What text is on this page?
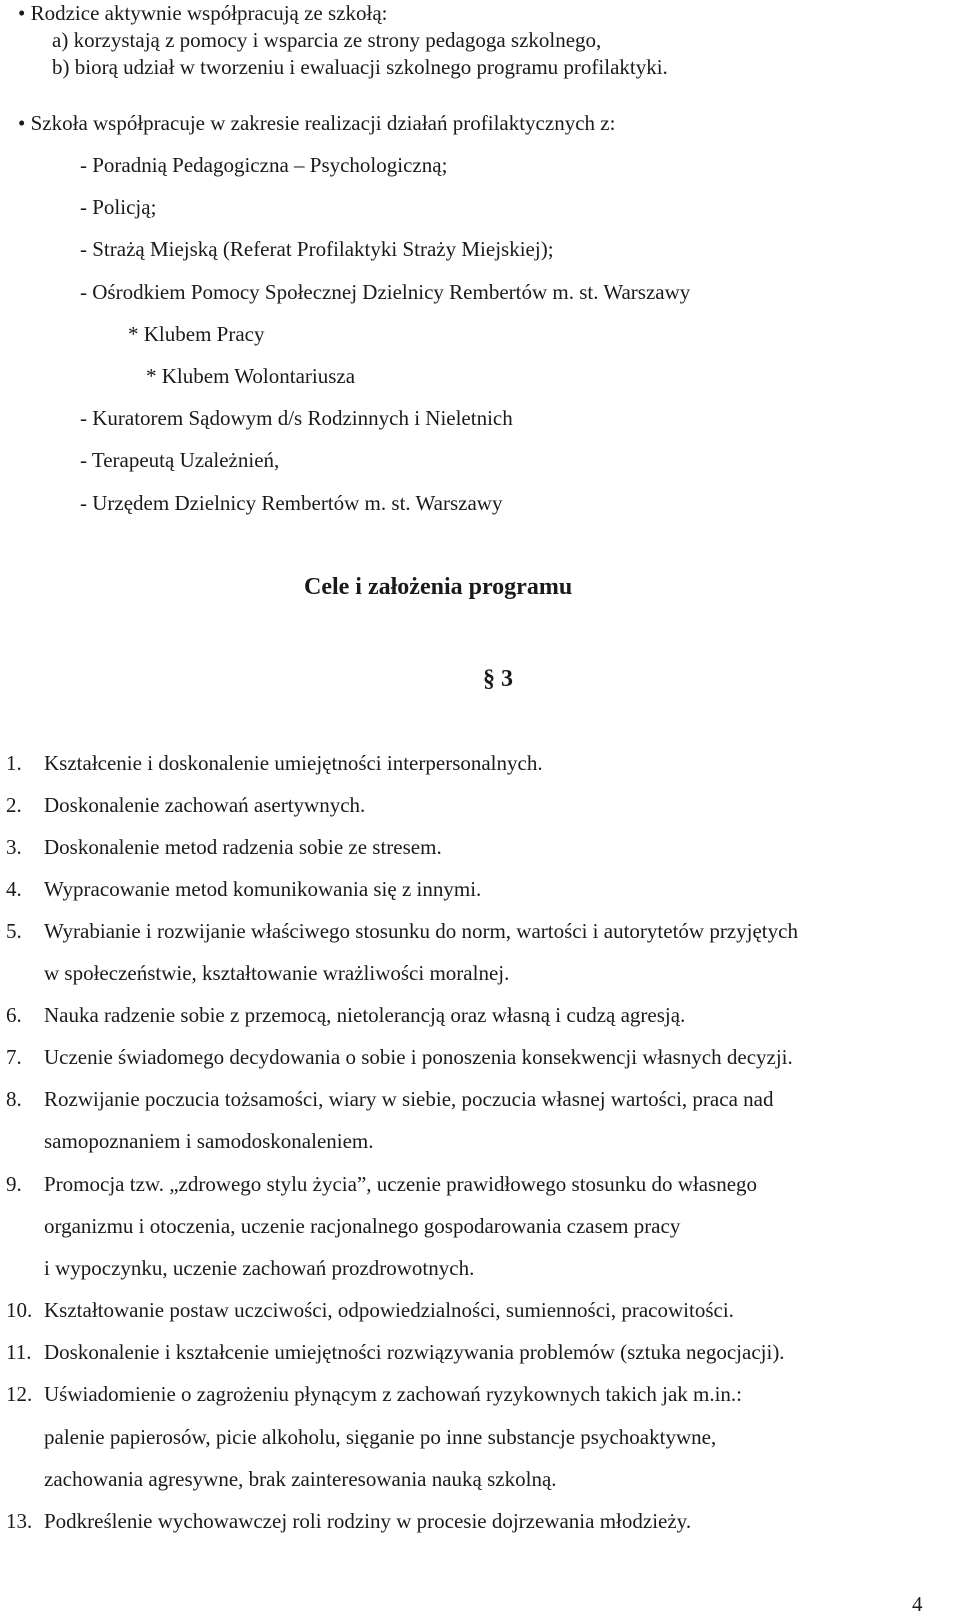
• Rodzice aktywnie współpracują ze szkołą:
a) korzystają z pomocy i wsparcia ze strony pedagoga szkolnego,
b) biorą udział w tworzeniu i ewaluacji szkolnego programu profilaktyki.
• Szkoła współpracuje w zakresie realizacji działań profilaktycznych z:
- Poradnią Pedagogiczna – Psychologiczną;
- Policją;
- Strażą Miejską (Referat Profilaktyki Straży Miejskiej);
- Ośrodkiem Pomocy Społecznej Dzielnicy Rembertów m. st. Warszawy
* Klubem Pracy
* Klubem Wolontariusza
- Kuratorem Sądowym d/s Rodzinnych i Nieletnich
- Terapeutą Uzależnień,
- Urzędem Dzielnicy Rembertów m. st. Warszawy
Cele i założenia programu
§ 3
1. Kształcenie i doskonalenie umiejętności interpersonalnych.
2. Doskonalenie zachowań asertywnych.
3. Doskonalenie metod radzenia sobie ze stresem.
4. Wypracowanie metod komunikowania się z innymi.
5. Wyrabianie i rozwijanie właściwego stosunku do norm, wartości i autorytetów przyjętych
w społeczeństwie, kształtowanie wrażliwości moralnej.
6. Nauka radzenie sobie z przemocą, nietolerancją oraz własną i cudzą agresją.
7. Uczenie świadomego decydowania o sobie i ponoszenia konsekwencji własnych decyzji.
8. Rozwijanie poczucia tożsamości, wiary w siebie, poczucia własnej wartości, praca nad
samopoznaniem i samodoskonaleniem.
9. Promocja tzw. „zdrowego stylu życia”, uczenie prawidłowego stosunku do własnego
organizmu i otoczenia, uczenie racjonalnego gospodarowania czasem pracy
i wypoczynku, uczenie zachowań prozdrowotnych.
10. Kształtowanie postaw uczciwości, odpowiedzialności, sumienności, pracowitości.
11. Doskonalenie i kształcenie umiejętności rozwiązywania problemów (sztuka negocjacji).
12. Uświadomienie o zagrożeniu płynącym z zachowań ryzykownych takich jak m.in.:
palenie papierosów, picie alkoholu, sięganie po inne substancje psychoaktywne,
zachowania agresywne, brak zainteresowania nauką szkolną.
13. Podkreślenie wychowawczej roli rodziny w procesie dojrzewania młodzieży.
4
